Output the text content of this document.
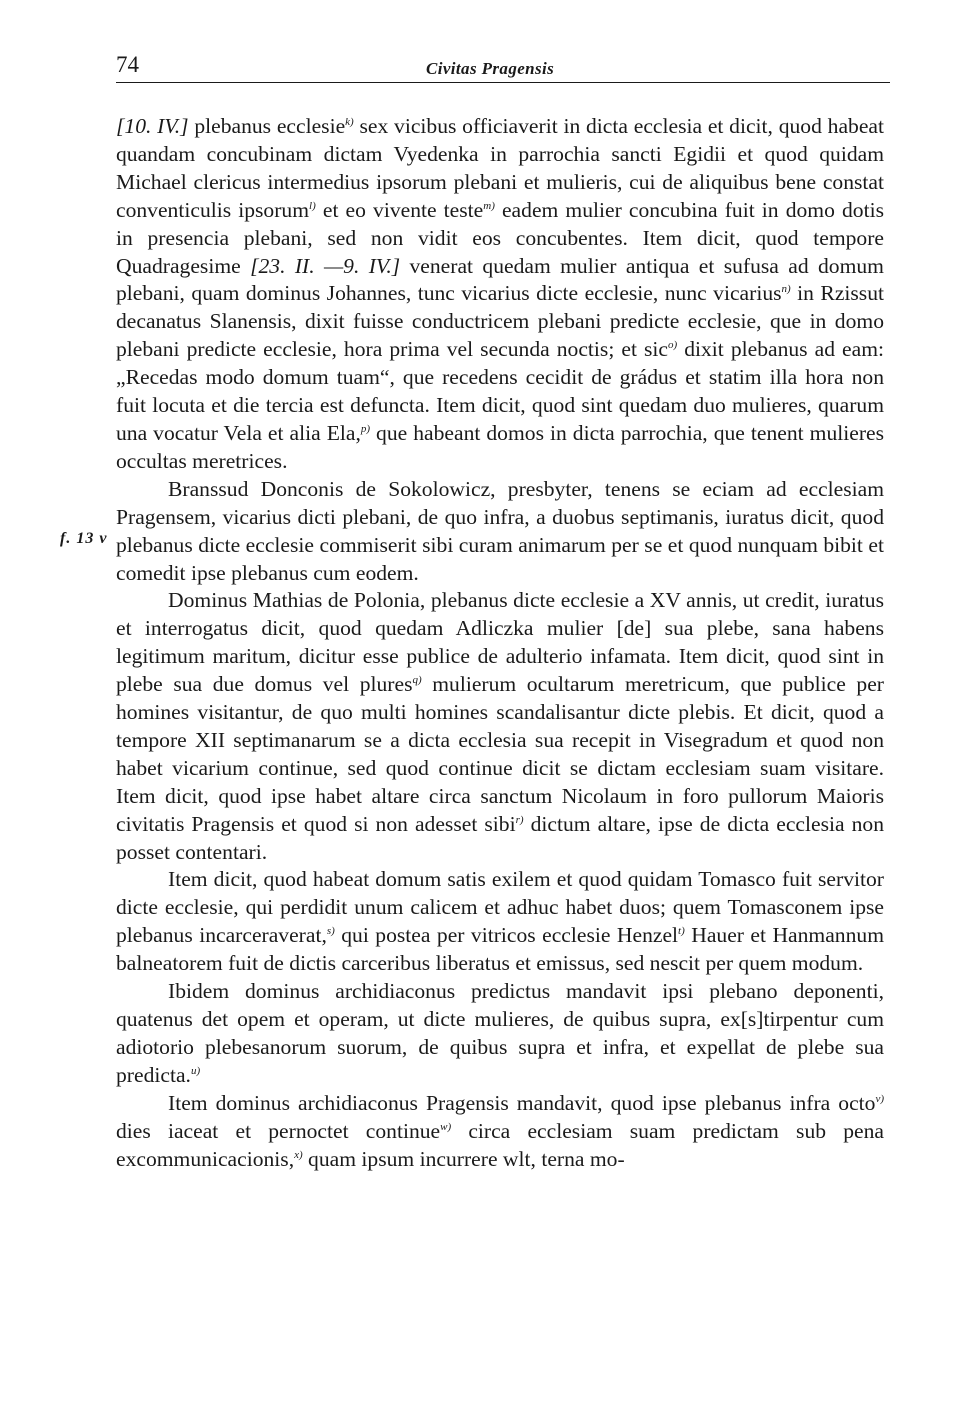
74	Civitas Pragensis
f. 13 v

[10. IV.] plebanus ecclesie$^{k)}$ sex vicibus officiaverit in dicta ecclesia et dicit, quod habeat quandam concubinam dictam Vyedenka in parrochia sancti Egidii et quod quidam Michael clericus intermedius ipsorum plebani et mulieris, cui de aliquibus bene constat conventiculis ipsorum$^{l)}$ et eo vivente teste$^{m)}$ eadem mulier concubina fuit in domo dotis in presencia plebani, sed non vidit eos concubentes. Item dicit, quod tempore Quadragesime [23. II. —9. IV.] venerat quedam mulier antiqua et sufusa ad domum plebani, quam dominus Johannes, tunc vicarius dicte ecclesie, nunc vicarius$^{n)}$ in Rzissut decanatus Slanensis, dixit fuisse conductricem plebani predicte ecclesie, que in domo plebani predicte ecclesie, hora prima vel secunda noctis; et sic$^{o)}$ dixit plebanus ad eam: „Recedas modo domum tuam“, que recedens cecidit de grádus et statim illa hora non fuit locuta et die tercia est defuncta. Item dicit, quod sint quedam duo mulieres, quarum una vocatur Vela et alia Ela,$^{p)}$ que habeant domos in dicta parrochia, que tenent mulieres occultas meretrices.

Branssud Donconis de Sokolowicz, presbyter, tenens se eciam ad ecclesiam Pragensem, vicarius dicti plebani, de quo infra, a duobus septimanis, iuratus dicit, quod plebanus dicte ecclesie commiserit sibi curam animarum per se et quod nunquam bibit et comedit ipse plebanus cum eodem.

Dominus Mathias de Polonia, plebanus dicte ecclesie a XV annis, ut credit, iuratus et interrogatus dicit, quod quedam Adliczka mulier [de] sua plebe, sana habens legitimum maritum, dicitur esse publice de adulterio infamata. Item dicit, quod sint in plebe sua due domus vel plures$^{q)}$ mulierum ocultarum meretricum, que publice per homines visitantur, de quo multi homines scandalisantur dicte plebis. Et dicit, quod a tempore XII septimanarum se a dicta ecclesia sua recepit in Visegradum et quod non habet vicarium continue, sed quod continue dicit se dictam ecclesiam suam visitare. Item dicit, quod ipse habet altare circa sanctum Nicolaum in foro pullorum Maioris civitatis Pragensis et quod si non adesset sibi$^{r)}$ dictum altare, ipse de dicta ecclesia non posset contentari.

Item dicit, quod habeat domum satis exilem et quod quidam Tomasco fuit servitor dicte ecclesie, qui perdidit unum calicem et adhuc habet duos; quem Tomasconem ipse plebanus incarceraverat,$^{s)}$ qui postea per vitricos ecclesie Henzel$^{t)}$ Hauer et Hanmannum balneatorem fuit de dictis carceribus liberatus et emissus, sed nescit per quem modum.

Ibidem dominus archidiaconus predictus mandavit ipsi plebano deponenti, quatenus det opem et operam, ut dicte mulieres, de quibus supra, ex[s]tirpentur cum adiotorio plebesanorum suorum, de quibus supra et infra, et expellat de plebe sua predicta.$^{u)}$

Item dominus archidiaconus Pragensis mandavit, quod ipse plebanus infra octo$^{v)}$ dies iaceat et pernoctet continue$^{w)}$ circa ecclesiam suam predictam sub pena excommunicacionis,$^{x)}$ quam ipsum incurrere wlt, terna mo-
